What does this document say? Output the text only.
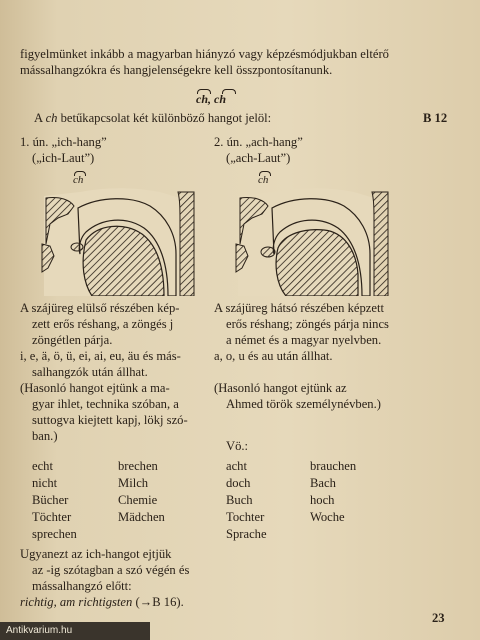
figyelmünket inkább a magyarban hiányzó vagy képzésmódjukban eltérő
mássalhangzókra és hangjelenségekre kell összpontosítanunk.
ch, ch
A ch betűkapcsolat két különböző hangot jelöl:	B 12
1. ún. „ich-hang”
(„ich-Laut”)
ch
A szájüreg elülső részében kép-
zett erős réshang, a zöngés j
zöngétlen párja.
i, e, ä, ö, ü, ei, ai, eu, äu és más-
salhangzók után állhat.
(Hasonló hangot ejtünk a ma-
gyar ihlet, technika szóban, a
suttogva kiejtett kapj, lökj szó-
ban.)
2. ún. „ach-hang”
(„ach-Laut”)
ch
A szájüreg hátsó részében képzett
erős réshang; zöngés párja nincs
a német és a magyar nyelvben.
a, o, u és au után állhat.
(Hasonló hangot ejtünk az
Ahmed török személynévben.)
Vö.:
echt
nicht
Bücher
Töchter
sprechen
brechen
Milch
Chemie
Mädchen
acht
doch
Buch
Tochter
Sprache
brauchen
Bach
hoch
Woche
Ugyanezt az ich-hangot ejtjük
az -ig szótagban a szó végén és
mássalhangzó előtt:
richtig, am richtigsten (→B 16).
23
Antikvarium.hu
